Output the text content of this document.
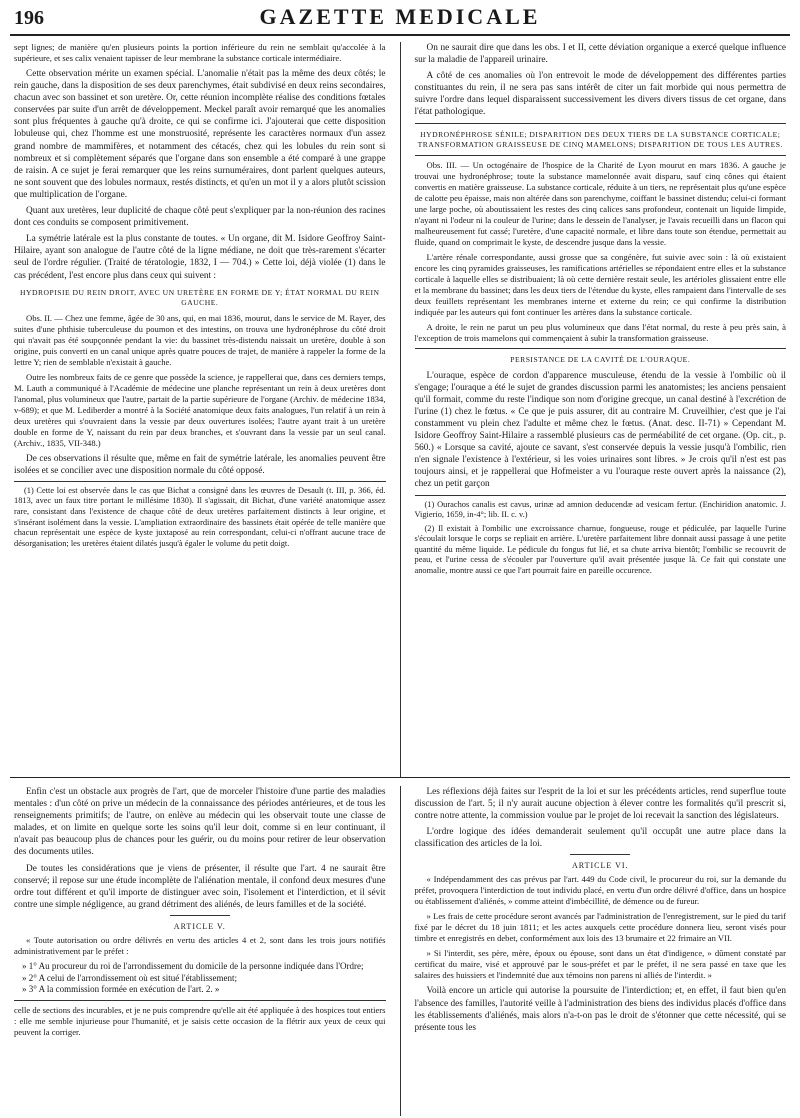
196	GAZETTE MEDICALE

sept lignes; de manière qu'en plusieurs points la portion inférieure du rein ne semblait qu'accolée à la supérieure, et ses calix venaient tapisser de leur membrane la substance corticale intermédiaire.

Cette observation mérite un examen spécial. L'anomalie n'était pas la même des deux côtés; le rein gauche, dans la disposition de ses deux parenchymes, était subdivisé en deux reins secondaires, chacun avec son bassinet et son uretère. Or, cette réunion incomplète réalise des conditions fœtales conservées par suite d'un arrêt de développement. Meckel paraît avoir remarqué que les anomalies sont plus fréquentes à gauche qu'à droite, ce qui se confirme ici. J'ajouterai que cette disposition lobuleuse qui, chez l'homme est une monstruosité, représente les caractères normaux d'un assez grand nombre de mammifères, et notamment des cétacés, chez qui les lobules du rein sont si nombreux et si complètement séparés que l'organe dans son ensemble a été comparé à une grappe de raisin. A ce sujet je ferai remarquer que les reins surnuméraires, dont parlent quelques auteurs, ne sont souvent que des lobules normaux, restés distincts, et qu'en un mot il y a alors plutôt scission que multiplication de l'organe.

Quant aux uretères, leur duplicité de chaque côté peut s'expliquer par la non-réunion des racines dont ces conduits se composent primitivement.

La symétrie latérale est la plus constante de toutes. « Un organe, dit M. Isidore Geoffroy Saint-Hilaire, ayant son analogue de l'autre côté de la ligne médiane, ne doit que très-rarement s'écarter seul de l'ordre régulier. (Traité de tératologie, 1832, I — 704.) » Cette loi, déjà violée (1) dans le cas précédent, l'est encore plus dans ceux qui suivent :

HYDROPISIE DU REIN DROIT, AVEC UN URETÈRE EN FORME DE Y; ÉTAT NORMAL DU REIN GAUCHE.

Obs. II. — Chez une femme, âgée de 30 ans, qui, en mai 1836, mourut, dans le service de M. Rayer, des suites d'une phthisie tuberculeuse du poumon et des intestins, on trouva une hydronéphrose du côté droit qui n'avait pas été soupçonnée pendant la vie: du bassinet très-distendu naissait un uretère, double à son origine, puis converti en un canal unique après quatre pouces de trajet, de manière à rappeler la forme de la lettre Y; rien de semblable n'existait à gauche.

Outre les nombreux faits de ce genre que possède la science, je rappellerai que, dans ces derniers temps, M. Lauth a communiqué à l'Académie de médecine une planche représentant un rein à deux uretères dont l'anomal, plus volumineux que l'autre, partait de la partie supérieure de l'organe (Archiv. de médecine 1834, v-689); et que M. Lediberder a montré à la Société anatomique deux faits analogues, l'un relatif à un rein à deux uretères qui s'ouvraient dans la vessie par deux ouvertures isolées; l'autre ayant trait à un uretère double en forme de Y, naissant du rein par deux branches, et s'ouvrant dans la vessie par un seul canal. (Archiv., 1835, VII-348.)

De ces observations il résulte que, même en fait de symétrie latérale, les anomalies peuvent être isolées et se concilier avec une disposition normale du côté opposé.

(1) Cette loi est observée dans le cas que Bichat a consigné dans les œuvres de Desault (t. III, p. 366, éd. 1813, avec un faux titre portant le millésime 1830). Il s'agissait, dit Bichat, d'une variété anatomique assez rare, consistant dans l'existence de chaque côté de deux uretères parfaitement distincts à leur origine, et s'insérant isolément dans la vessie. L'ampliation extraordinaire des bassinets était opérée de telle manière que chacun représentait une espèce de kyste juxtaposé au rein correspondant, celui-ci n'offrant aucune trace de désorganisation; les uretères étaient dilatés jusqu'à égaler le volume du petit doigt.

On ne saurait dire que dans les obs. I et II, cette déviation organique a exercé quelque influence sur la maladie de l'appareil urinaire.

A côté de ces anomalies où l'on entrevoit le mode de développement des différentes parties constituantes du rein, il ne sera pas sans intérêt de citer un fait morbide qui nous permettra de suivre l'ordre dans lequel disparaissent successivement les divers divers tissus de cet organe, dans l'état pathologique.

HYDRONÉPHROSE SÉNILE; DISPARITION DES DEUX TIERS DE LA SUBSTANCE CORTICALE; TRANSFORMATION GRAISSEUSE DE CINQ MAMELONS; DISPARITION DE TOUS LES AUTRES.

Obs. III. — Un octogénaire de l'hospice de la Charité de Lyon mourut en mars 1836. A gauche je trouvai une hydronéphrose; toute la substance mamelonnée avait disparu, sauf cinq cônes qui étaient convertis en matière graisseuse. La substance corticale, réduite à un tiers, ne représentait plus qu'une espèce de calotte peu épaisse, mais non altérée dans son parenchyme, coiffant le bassinet distendu; celui-ci formant une large poche, où aboutissaient les restes des cinq calices sans profondeur, contenait un liquide limpide, n'ayant ni l'odeur ni la couleur de l'urine; dans le dessein de l'analyser, je l'avais recueilli dans un flacon qui malheureusement fut cassé; l'uretère, d'une capacité normale, et libre dans toute son étendue, permettait au fluide, quand on comprimait le kyste, de descendre jusque dans la vessie.

L'artère rénale correspondante, aussi grosse que sa congénère, fut suivie avec soin : là où existaient encore les cinq pyramides graisseuses, les ramifications artérielles se répondaient entre elles et la substance corticale à laquelle elles se distribuaient; là où cette dernière restait seule, les artérioles glissaient entre elle et la membrane du bassinet; dans les deux tiers de l'étendue du kyste, elles rampaient dans l'intervalle de ses deux feuillets représentant les membranes interne et externe du rein; ce qui confirme la distribution indiquée par les auteurs qui font continuer les artères dans la substance corticale.

A droite, le rein ne parut un peu plus volumineux que dans l'état normal, du reste à peu près sain, à l'exception de trois mamelons qui commençaient à subir la transformation graisseuse.

PERSISTANCE DE LA CAVITÉ DE L'OURAQUE.

L'ouraque, espèce de cordon d'apparence musculeuse, étendu de la vessie à l'ombilic où il s'engage; l'ouraque a été le sujet de grandes discussion parmi les anatomistes; les anciens pensaient qu'il formait, comme du reste l'indique son nom d'origine grecque, un canal destiné à l'excrétion de l'urine (1) chez le fœtus. « Ce que je puis assurer, dit au contraire M. Cruveilhier, c'est que je l'ai constamment vu plein chez l'adulte et même chez le fœtus. (Anat. desc. II-71) » Cependant M. Isidore Geoffroy Saint-Hilaire a rassemblé plusieurs cas de perméabilité de cet organe. (Op. cit., p. 560.) « Lorsque sa cavité, ajoute ce savant, s'est conservée depuis la vessie jusqu'à l'ombilic, rien n'en signale l'existence à l'extérieur, si les voies urinaires sont libres. » Je crois qu'il n'est est pas toujours ainsi, et je rappellerai que Hofmeister a vu l'ouraque reste ouvert après la naissance (2), chez un petit garçon

(1) Ourachos canalis est cavus, urinæ ad amnion deducendæ ad vesicam fertur. (Enchiridion anatomic. J. Vigierio, 1659, in-4°; lib. II. c. v.)

(2) Il existait à l'ombilic une excroissance charnue, fongueuse, rouge et pédiculée, par laquelle l'urine s'écoulait lorsque le corps se repliait en arrière. L'uretère parfaitement libre donnait aussi passage à une petite quantité du même liquide. Le pédicule du fongus fut lié, et sa chute arriva bientôt; l'ombilic se recouvrit de peau, et l'urine cessa de s'écouler par l'ouverture qu'il avait présentée jusque là. Ce fait qui constate une anomalie, montre aussi ce que l'art pourrait faire en pareille occurence.

Enfin c'est un obstacle aux progrès de l'art, que de morceler l'histoire d'une partie des maladies mentales : d'un côté on prive un médecin de la connaissance des périodes antérieures, et de tous les renseignements primitifs; de l'autre, on enlève au médecin qui les observait toute une classe de malades, et on limite en quelque sorte les soins qu'il leur doit, comme si en leur continuant, il n'avait pas beaucoup plus de chances pour les guérir, ou du moins pour retirer de leur observation des documents utiles.

De toutes les considérations que je viens de présenter, il résulte que l'art. 4 ne saurait être conservé; il repose sur une étude incomplète de l'aliénation mentale, il confond deux mesures d'une ordre tout différent et qu'il importe de distinguer avec soin, l'isolement et l'interdiction, et il sévit contre une simple négligence, au grand détriment des aliénés, de leurs familles et de la société.

ARTICLE V.

« Toute autorisation ou ordre délivrés en vertu des articles 4 et 2, sont dans les trois jours notifiés administrativement par le préfet :

» 1° Au procureur du roi de l'arrondissement du domicile de la personne indiquée dans l'Ordre;

» 2° A celui de l'arrondissement où est situé l'établissement;

» 3° A la commission formée en exécution de l'art. 2. »

celle de sections des incurables, et je ne puis comprendre qu'elle ait été appliquée à des hospices tout entiers : elle me semble injurieuse pour l'humanité, et je saisis cette occasion de la flétrir aux yeux de ceux qui peuvent la corriger.

Les réflexions déjà faites sur l'esprit de la loi et sur les précédents articles, rend superflue toute discussion de l'art. 5; il n'y aurait aucune objection à élever contre les formalités qu'il prescrit si, contre notre attente, la commission voulue par le projet de loi recevait la sanction des législateurs.

L'ordre logique des idées demanderait seulement qu'il occupât une autre place dans la classification des articles de la loi.

ARTICLE VI.

« Indépendamment des cas prévus par l'art. 449 du Code civil, le procureur du roi, sur la demande du préfet, provoquera l'interdiction de tout individu placé, en vertu d'un ordre délivré d'office, dans un hospice ou établissement d'aliénés, » comme atteint d'imbécillité, de démence ou de fureur.

» Les frais de cette procédure seront avancés par l'administration de l'enregistrement, sur le pied du tarif fixé par le décret du 18 juin 1811; et les actes auxquels cette procédure donnera lieu, seront visés pour timbre et enregistrés en debet, conformément aux lois des 13 brumaire et 22 frimaire an VII.

» Si l'interdit, ses père, mère, époux ou épouse, sont dans un état d'indigence, » dûment constaté par certificat du maire, visé et approuvé par le sous-préfet et par le préfet, il ne sera passé en taxe que les salaires des huissiers et l'indemnité due aux témoins non parens ni alliés de l'interdit. »

Voilà encore un article qui autorise la poursuite de l'interdiction; et, en effet, il faut bien qu'en l'absence des familles, l'autorité veille à l'administration des biens des individus placés d'office dans les établissements d'aliénés, mais alors n'a-t-on pas le droit de s'étonner que cette nécessité, qui se présente tous les
